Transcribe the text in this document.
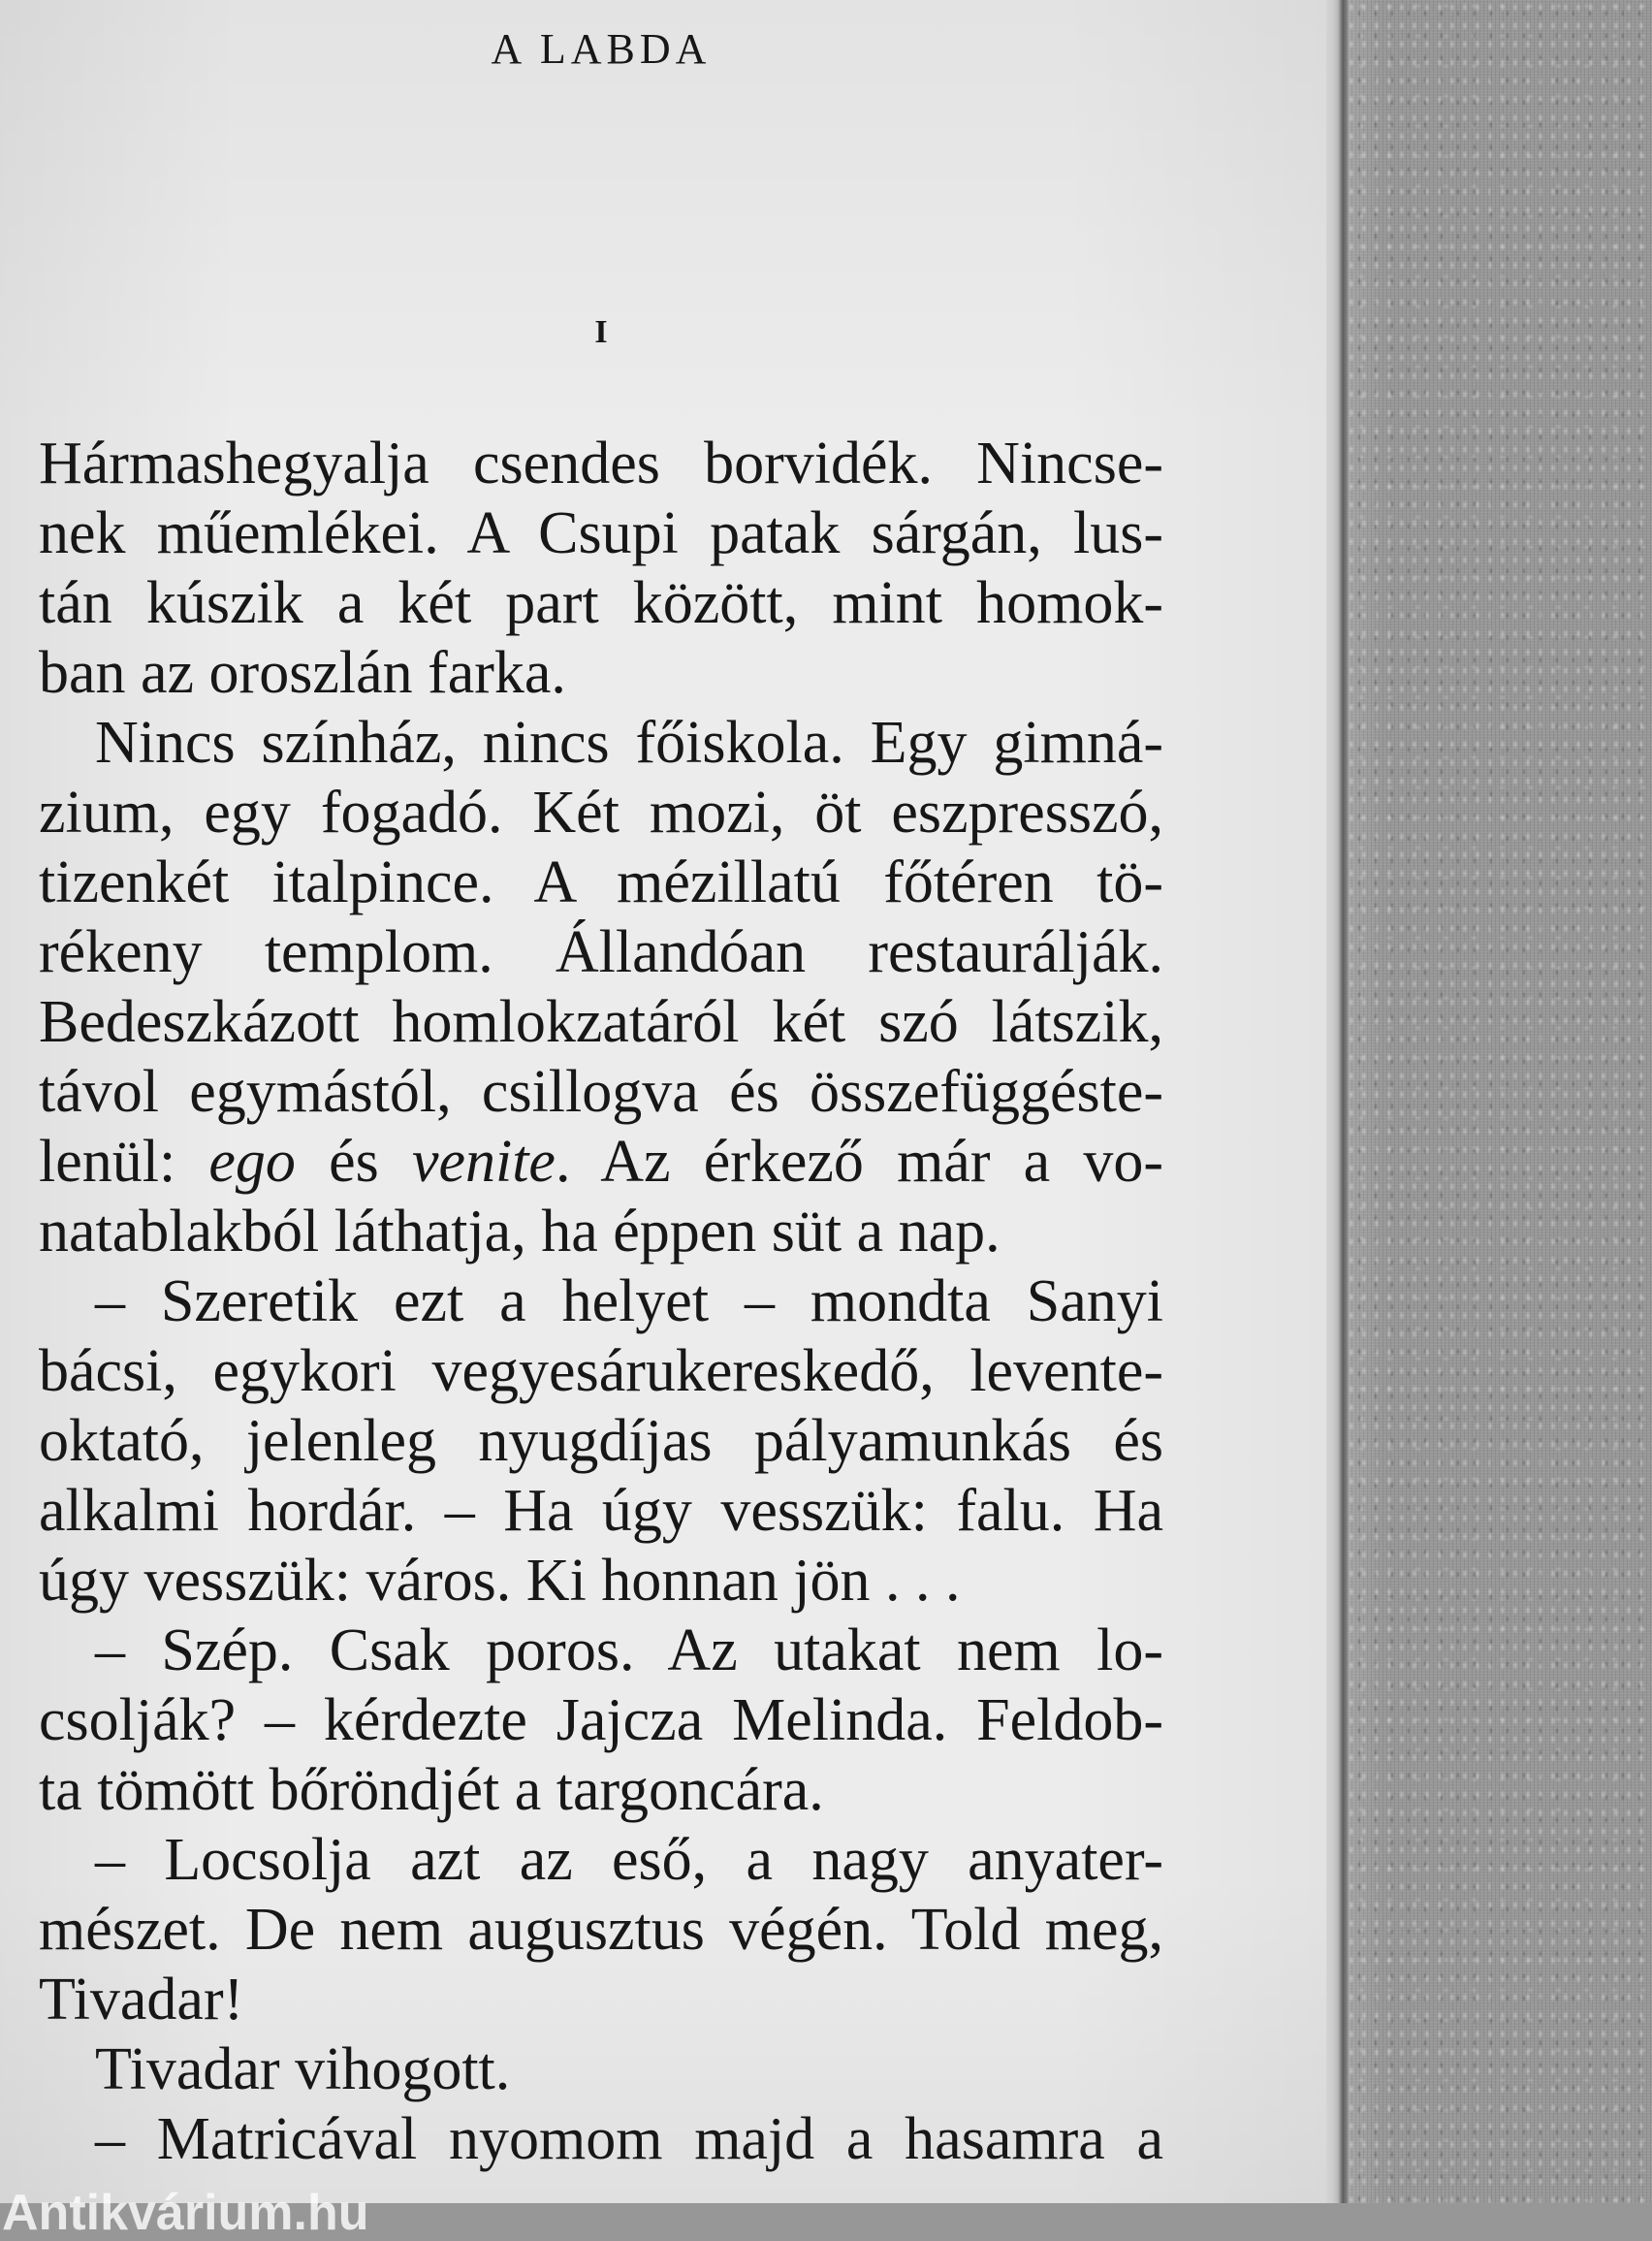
A LABDA
I
Hármashegyalja csendes borvidék. Nincse-
nek műemlékei. A Csupi patak sárgán, lus-
tán kúszik a két part között, mint homok-
ban az oroszlán farka.
Nincs színház, nincs főiskola. Egy gimná-
zium, egy fogadó. Két mozi, öt eszpresszó,
tizenkét italpince. A mézillatú főtéren tö-
rékeny templom. Állandóan restaurálják.
Bedeszkázott homlokzatáról két szó látszik,
távol egymástól, csillogva és összefüggéste-
lenül: ego és venite. Az érkező már a vo-
natablakból láthatja, ha éppen süt a nap.
– Szeretik ezt a helyet – mondta Sanyi
bácsi, egykori vegyesárukereskedő, levente-
oktató, jelenleg nyugdíjas pályamunkás és
alkalmi hordár. – Ha úgy vesszük: falu. Ha
úgy vesszük: város. Ki honnan jön . . .
– Szép. Csak poros. Az utakat nem lo-
csolják? – kérdezte Jajcza Melinda. Feldob-
ta tömött bőröndjét a targoncára.
– Locsolja azt az eső, a nagy anyater-
mészet. De nem augusztus végén. Told meg,
Tivadar!
Tivadar vihogott.
– Matricával nyomom majd a hasamra a
Antikvárium.hu
